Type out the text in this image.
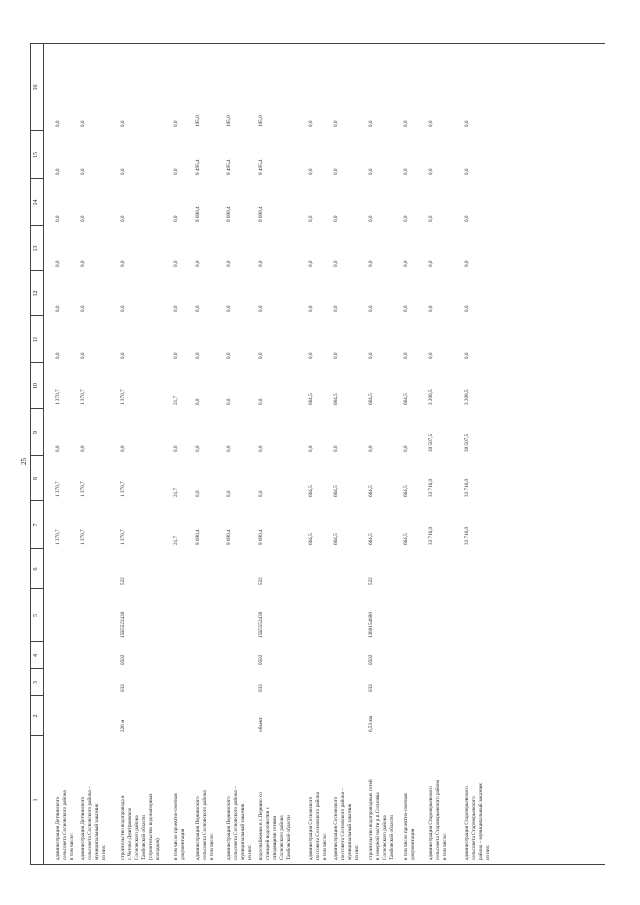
25
1
2
3
4
5
6
7
8
9
10
11
12
13
14
15
16
администрация Детчинского сельсовета Сосновского района в том числе:
1 370,7
1 370,7
0,0
1 370,7
0,0
0,0
0,0
0,0
0,0
0,0
администрация Детчинского сельсовета Сосновского района – муниципальный заказчик из них:
1 370,7
1 370,7
0,0
1 370,7
0,0
0,0
0,0
0,0
0,0
0,0
строительство водопровода в с.Четово-Дмитриевское Сосновского района Тамбовской области (строительство водонапорных колодцев)
226 м
033
0502
15Б5522430
522
1 370,7
1 370,7
0,0
1 370,7
0,0
0,0
0,0
0,0
0,0
0,0
в том числе проектно-сметная документация
21,7
21,7
0,0
21,7
0,0
0,0
0,0
0,0
0,0
0,0
администрация Перкинского сельсовета Сосновского района в том числе:
9 690,4
0,0
0,0
0,0
0,0
0,0
0,0
9 690,4
9 495,4
195,0
администрация Перкинского сельсовета Сосновского района – муниципальный заказчик из них:
9 690,4
0,0
0,0
0,0
0,0
0,0
0,0
9 690,4
9 495,4
195,0
водоснабжение в с.Перкино со станцией водоочистки с отводящими сетями Сосновского района Тамбовской области
объект
033
0502
15Б5552430
522
9 690,4
0,0
0,0
0,0
0,0
0,0
0,0
9 690,4
9 495,4
195,0
администрация Сосновского поссовета Сосновского района в том числе:
664,5
664,5
0,0
664,5
0,0
0,0
0,0
0,0
0,0
0,0
администрация Сосновского поссовета Сосновского района – муниципальный заказчик из них:
664,5
664,5
0,0
664,5
0,0
0,0
0,0
0,0
0,0
0,0
строительство водопроводных сетей в северной части р.п.Сосновка Сосновского района Тамбовской области
6,53 км
033
0502
1380154600
522
664,5
664,5
0,0
664,5
0,0
0,0
0,0
0,0
0,0
0,0
в том числе проектно-сметная документация
664,5
664,5
0,0
664,5
0,0
0,0
0,0
0,0
0,0
0,0
администрация Староюрьевского сельсовета Староюрьевского района в том числе:
33 716,0
33 716,0
30 507,5
3 208,5
0,0
0,0
0,0
0,0
0,0
0,0
администрация Староюрьевского сельсовета Староюрьевского района – муниципальный заказчик из них:
33 716,0
33 716,0
30 507,5
3 208,5
0,0
0,0
0,0
0,0
0,0
0,0
